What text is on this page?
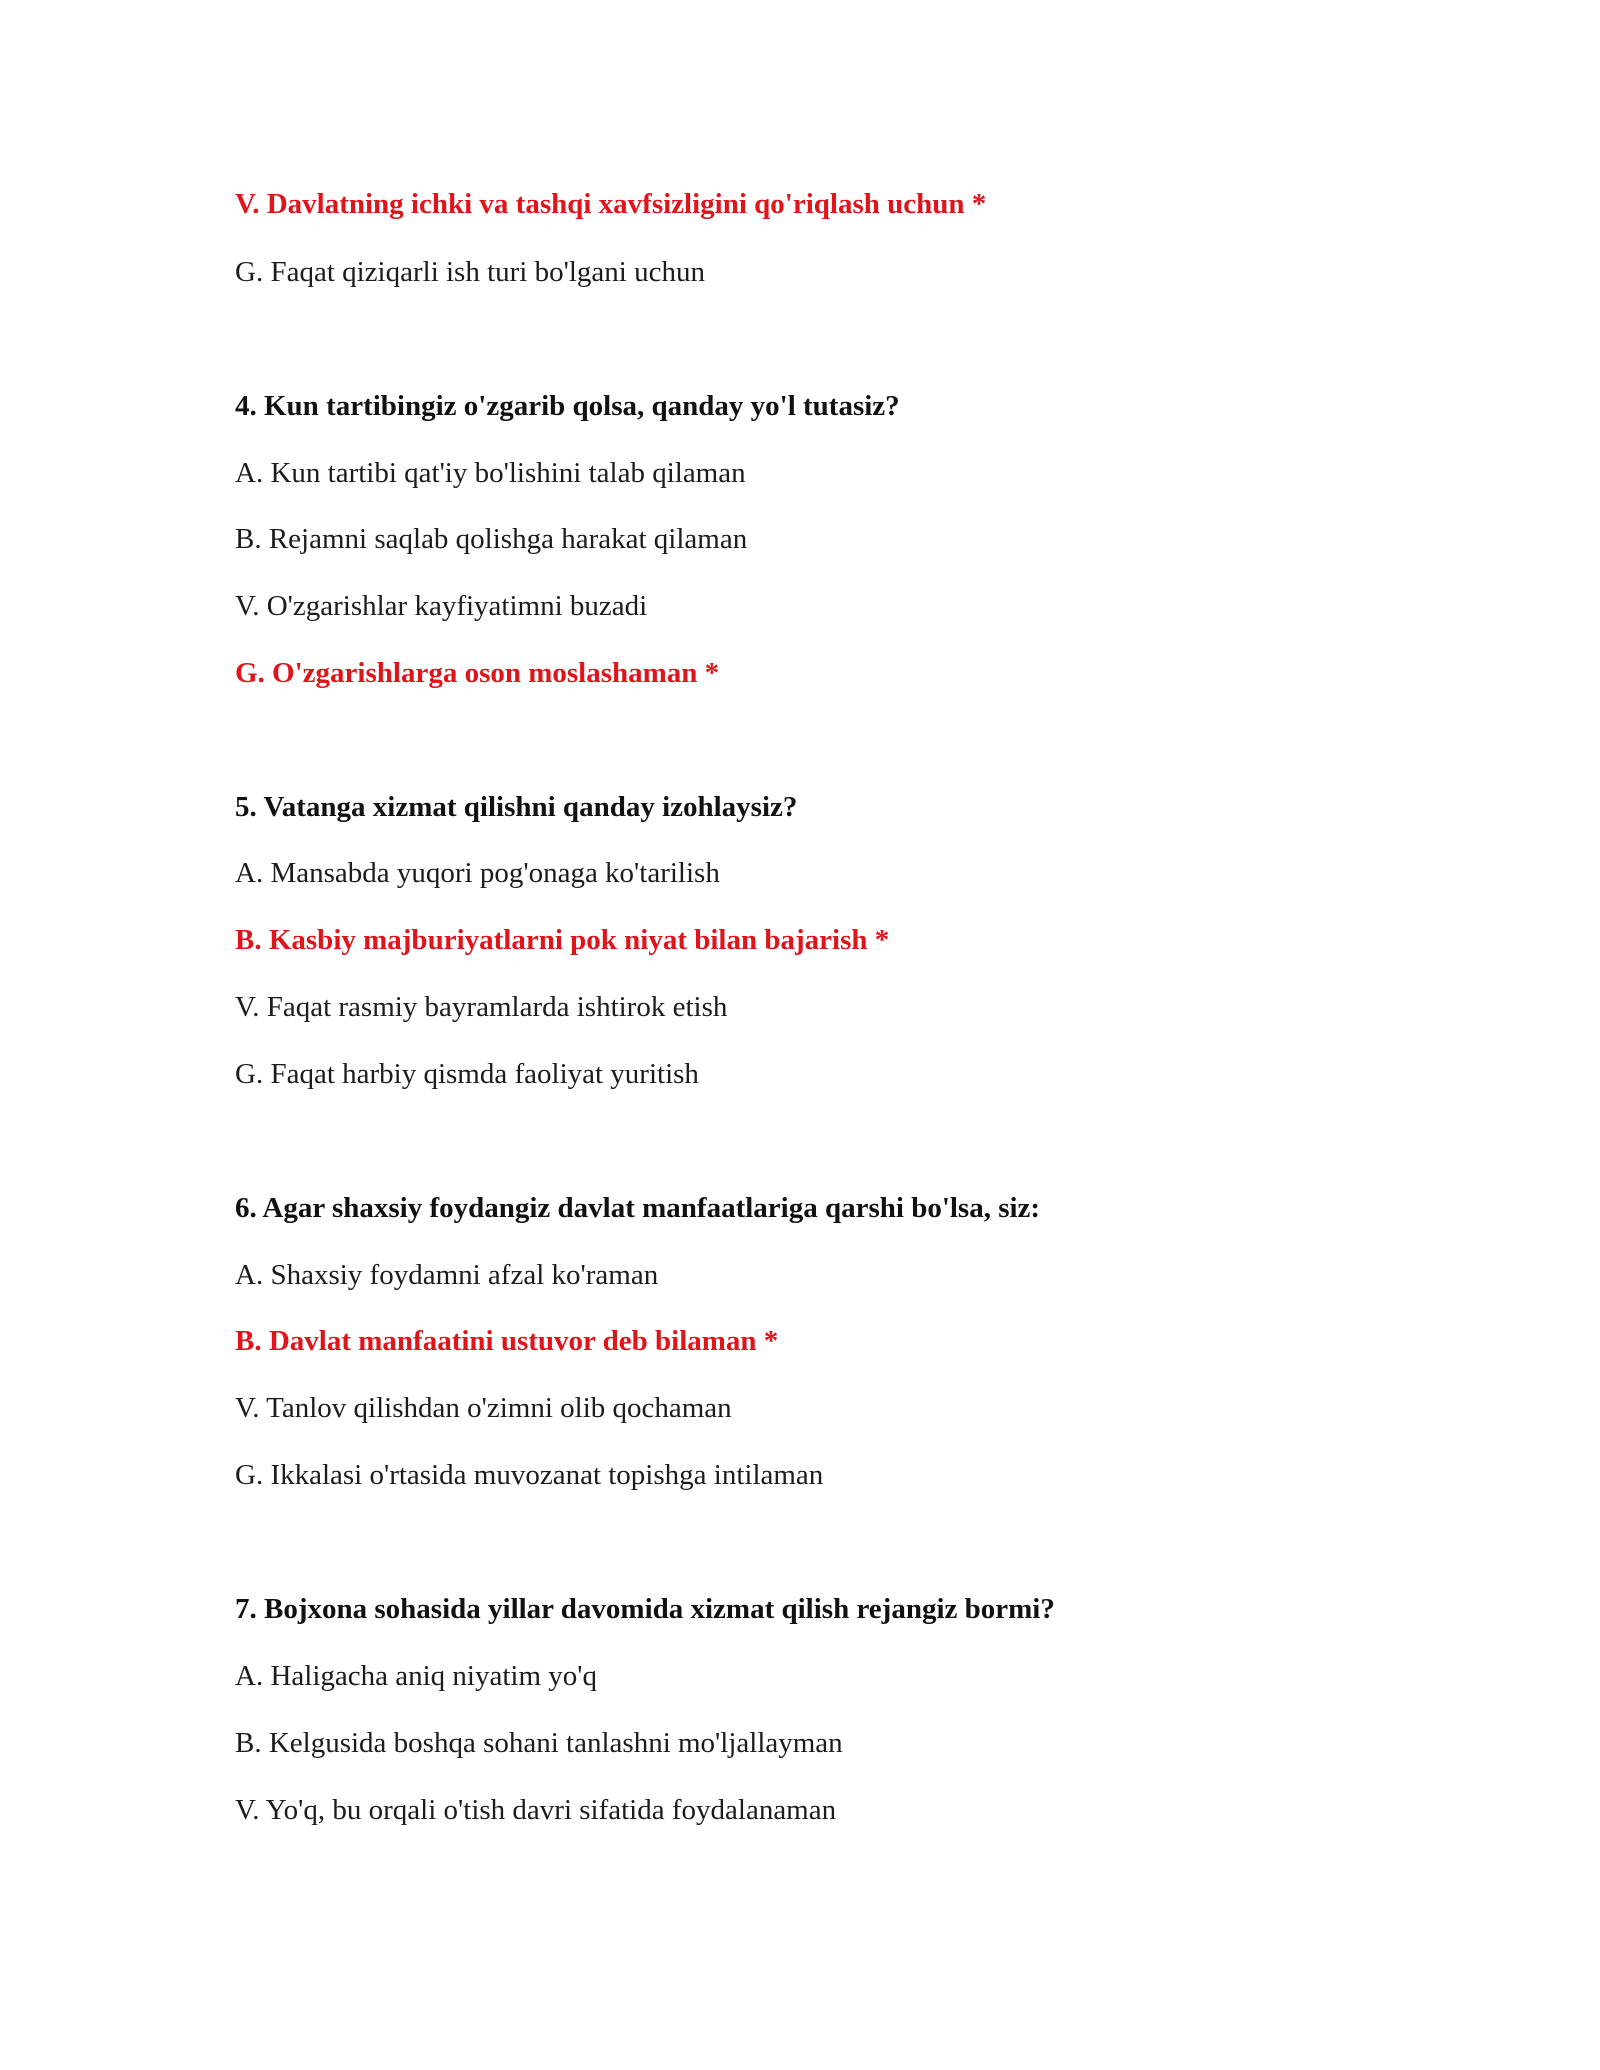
V. Davlatning ichki va tashqi xavfsizligini qo'riqlash uchun *

G. Faqat qiziqarli ish turi bo'lgani uchun

4. Kun tartibingiz o'zgarib qolsa, qanday yo'l tutasiz?

A. Kun tartibi qat'iy bo'lishini talab qilaman

B. Rejamni saqlab qolishga harakat qilaman

V. O'zgarishlar kayfiyatimni buzadi

G. O'zgarishlarga oson moslashaman *

5. Vatanga xizmat qilishni qanday izohlaysiz?

A. Mansabda yuqori pog'onaga ko'tarilish

B. Kasbiy majburiyatlarni pok niyat bilan bajarish *

V. Faqat rasmiy bayramlarda ishtirok etish

G. Faqat harbiy qismda faoliyat yuritish

6. Agar shaxsiy foydangiz davlat manfaatlariga qarshi bo'lsa, siz:

A. Shaxsiy foydamni afzal ko'raman

B. Davlat manfaatini ustuvor deb bilaman *

V. Tanlov qilishdan o'zimni olib qochaman

G. Ikkalasi o'rtasida muvozanat topishga intilaman

7. Bojxona sohasida yillar davomida xizmat qilish rejangiz bormi?

A. Haligacha aniq niyatim yo'q

B. Kelgusida boshqa sohani tanlashni mo'ljallayman

V. Yo'q, bu orqali o'tish davri sifatida foydalanaman
